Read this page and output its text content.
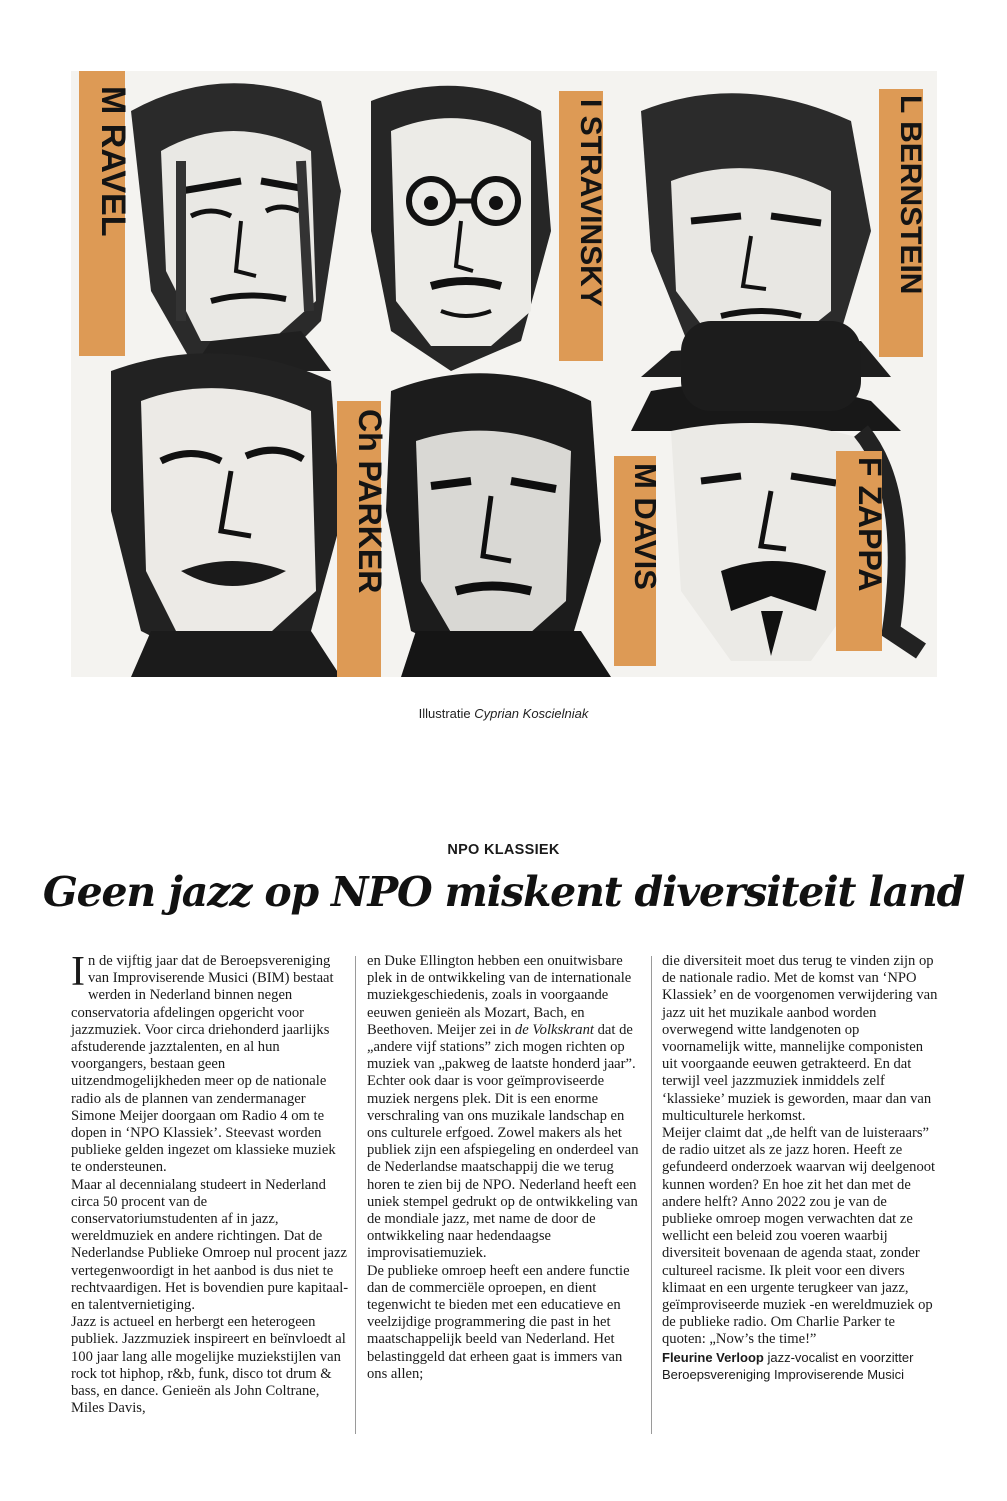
M RAVEL	I STRAVINSKY	L BERNSTEIN
Ch PARKER	M DAVIS	F ZAPPA
Illustratie Cyprian Koscielniak
NPO KLASSIEK
Geen jazz op NPO miskent diversiteit land

In de vijftig jaar dat de Beroepsvereniging van Improviserende Musici (BIM) bestaat werden in Nederland binnen negen conservatoria afdelingen opgericht voor jazzmuziek. Voor circa driehonderd jaarlijks afstuderende jazztalenten, en al hun voorgangers, bestaan geen uitzendmogelijkheden meer op de nationale radio als de plannen van zendermanager Simone Meijer doorgaan om Radio 4 om te dopen in ‘NPO Klassiek’. Steevast worden publieke gelden ingezet om klassieke muziek te ondersteunen.

Maar al decennialang studeert in Nederland circa 50 procent van de conservatoriumstudenten af in jazz, wereldmuziek en andere richtingen. Dat de Nederlandse Publieke Omroep nul procent jazz vertegenwoordigt in het aanbod is dus niet te rechtvaardigen. Het is bovendien pure kapitaal- en talentvernietiging.

Jazz is actueel en herbergt een heterogeen publiek. Jazzmuziek inspireert en beïnvloedt al 100 jaar lang alle mogelijke muziekstijlen van rock tot hiphop, r&b, funk, disco tot drum & bass, en dance. Genieën als John Coltrane, Miles Davis,

en Duke Ellington hebben een onuitwisbare plek in de ontwikkeling van de internationale muziekgeschiedenis, zoals in voorgaande eeuwen genieën als Mozart, Bach, en Beethoven. Meijer zei in de Volkskrant dat de „andere vijf stations” zich mogen richten op muziek van „pakweg de laatste honderd jaar”. Echter ook daar is voor geïmproviseerde muziek nergens plek. Dit is een enorme verschraling van ons muzikale landschap en ons culturele erfgoed. Zowel makers als het publiek zijn een afspiegeling en onderdeel van de Nederlandse maatschappij die we terug horen te zien bij de NPO. Nederland heeft een uniek stempel gedrukt op de ontwikkeling van de mondiale jazz, met name de door de ontwikkeling naar hedendaagse improvisatiemuziek.

De publieke omroep heeft een andere functie dan de commerciële oproepen, en dient tegenwicht te bieden met een educatieve en veelzijdige programmering die past in het maatschappelijk beeld van Nederland. Het belastinggeld dat erheen gaat is immers van ons allen;

die diversiteit moet dus terug te vinden zijn op de nationale radio. Met de komst van ‘NPO Klassiek’ en de voorgenomen verwijdering van jazz uit het muzikale aanbod worden overwegend witte landgenoten op voornamelijk witte, mannelijke componisten uit voorgaande eeuwen getrakteerd. En dat terwijl veel jazzmuziek inmiddels zelf ‘klassieke’ muziek is geworden, maar dan van multiculturele herkomst.

Meijer claimt dat „de helft van de luisteraars” de radio uitzet als ze jazz horen. Heeft ze gefundeerd onderzoek waarvan wij deelgenoot kunnen worden? En hoe zit het dan met de andere helft? Anno 2022 zou je van de publieke omroep mogen verwachten dat ze wellicht een beleid zou voeren waarbij diversiteit bovenaan de agenda staat, zonder cultureel racisme. Ik pleit voor een divers klimaat en een urgente terugkeer van jazz, geïmproviseerde muziek -en wereldmuziek op de publieke radio. Om Charlie Parker te quoten: „Now’s the time!”

Fleurine Verloop jazz-vocalist en voorzitter Beroepsvereniging Improviserende Musici
